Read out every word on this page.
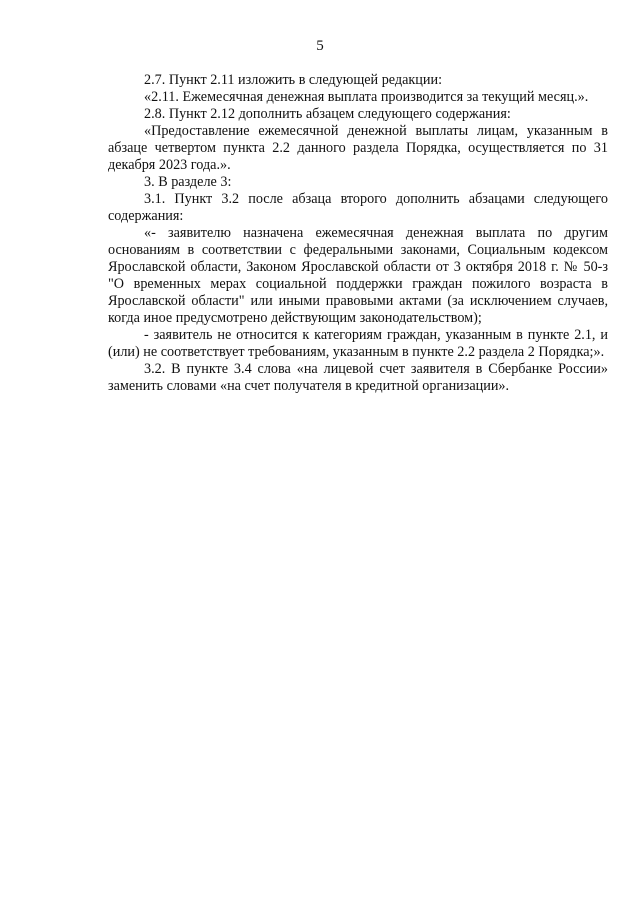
5

2.7. Пункт 2.11 изложить в следующей редакции:

«2.11. Ежемесячная денежная выплата производится за текущий месяц.».

2.8. Пункт 2.12 дополнить абзацем следующего содержания:

«Предоставление ежемесячной денежной выплаты лицам, указанным в абзаце четвертом пункта 2.2 данного раздела Порядка, осуществляется по 31 декабря 2023 года.».

3. В разделе 3:

3.1. Пункт 3.2 после абзаца второго дополнить абзацами следующего содержания:

«- заявителю назначена ежемесячная денежная выплата по другим основаниям в соответствии с федеральными законами, Социальным кодексом Ярославской области, Законом Ярославской области от 3 октября 2018 г. № 50-з "О временных мерах социальной поддержки граждан пожилого возраста в Ярославской области" или иными правовыми актами (за исключением случаев, когда иное предусмотрено действующим законодательством);

- заявитель не относится к категориям граждан, указанным в пункте 2.1, и (или) не соответствует требованиям, указанным в пункте 2.2 раздела 2 Порядка;».

3.2. В пункте 3.4 слова «на лицевой счет заявителя в Сбербанке России» заменить словами «на счет получателя в кредитной организации».
